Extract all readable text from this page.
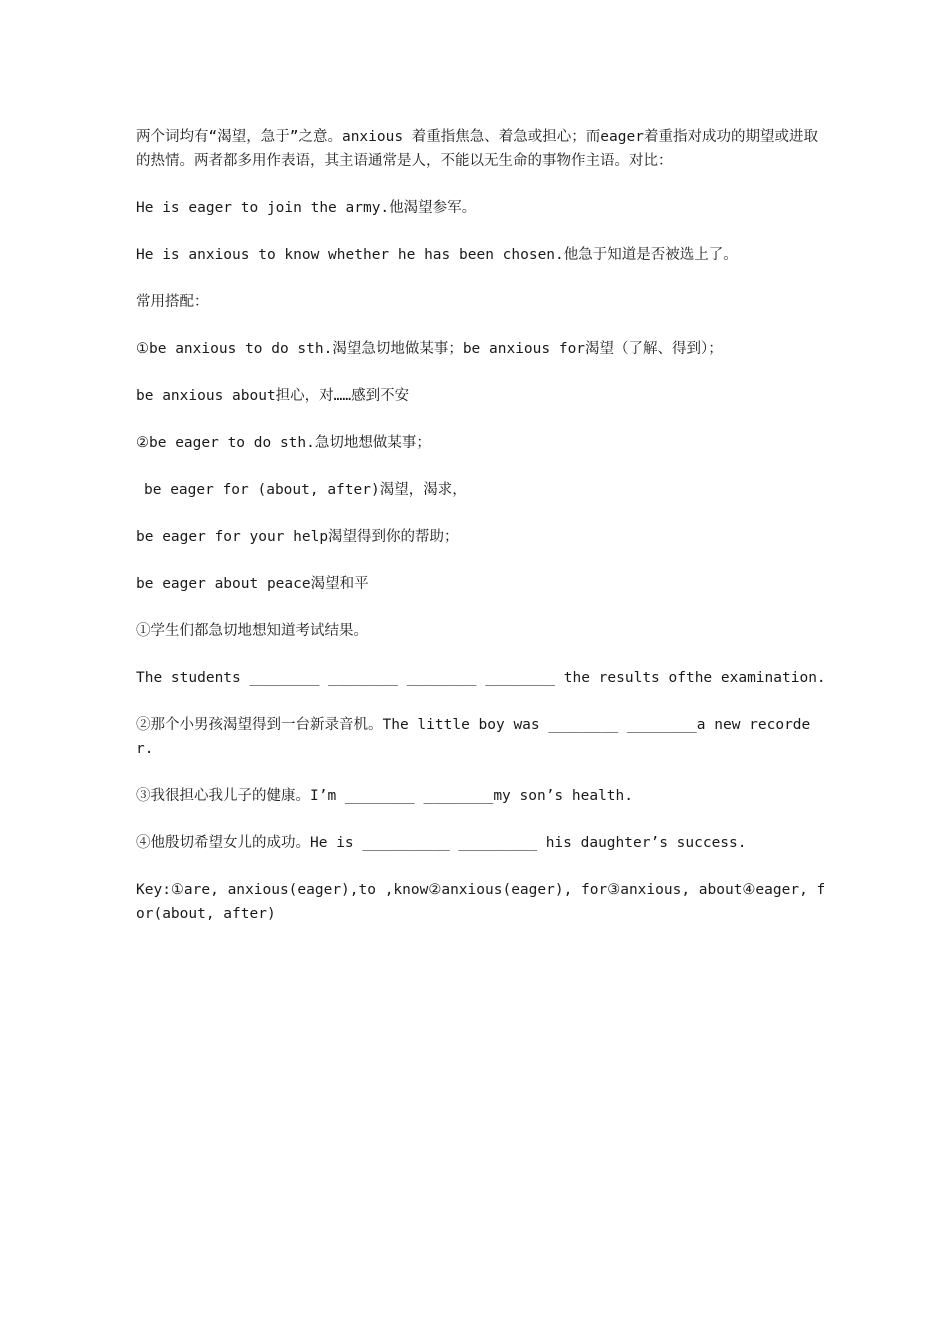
两个词均有“渴望，急于”之意。anxious 着重指焦急、着急或担心；而eager着重指对成功的期望或进取的热情。两者都多用作表语，其主语通常是人，不能以无生命的事物作主语。对比：

He is eager to join the army.他渴望参军。

He is anxious to know whether he has been chosen.他急于知道是否被选上了。

常用搭配：

①be anxious to do sth.渴望急切地做某事；be anxious for渴望（了解、得到）；

be anxious about担心，对……感到不安

②be eager to do sth.急切地想做某事；

be eager for (about, after)渴望，渴求，

be eager for your help渴望得到你的帮助；

be eager about peace渴望和平

①学生们都急切地想知道考试结果。

The students ________ ________ ________ ________ the results ofthe examination.

②那个小男孩渴望得到一台新录音机。The little boy was ________ ________a new recorder.

③我很担心我儿子的健康。I’m ________ ________my son’s health.

④他殷切希望女儿的成功。He is __________ _________ his daughter’s success.

Key:①are, anxious(eager),to ,know②anxious(eager), for③anxious, about④eager, for(about, after)
